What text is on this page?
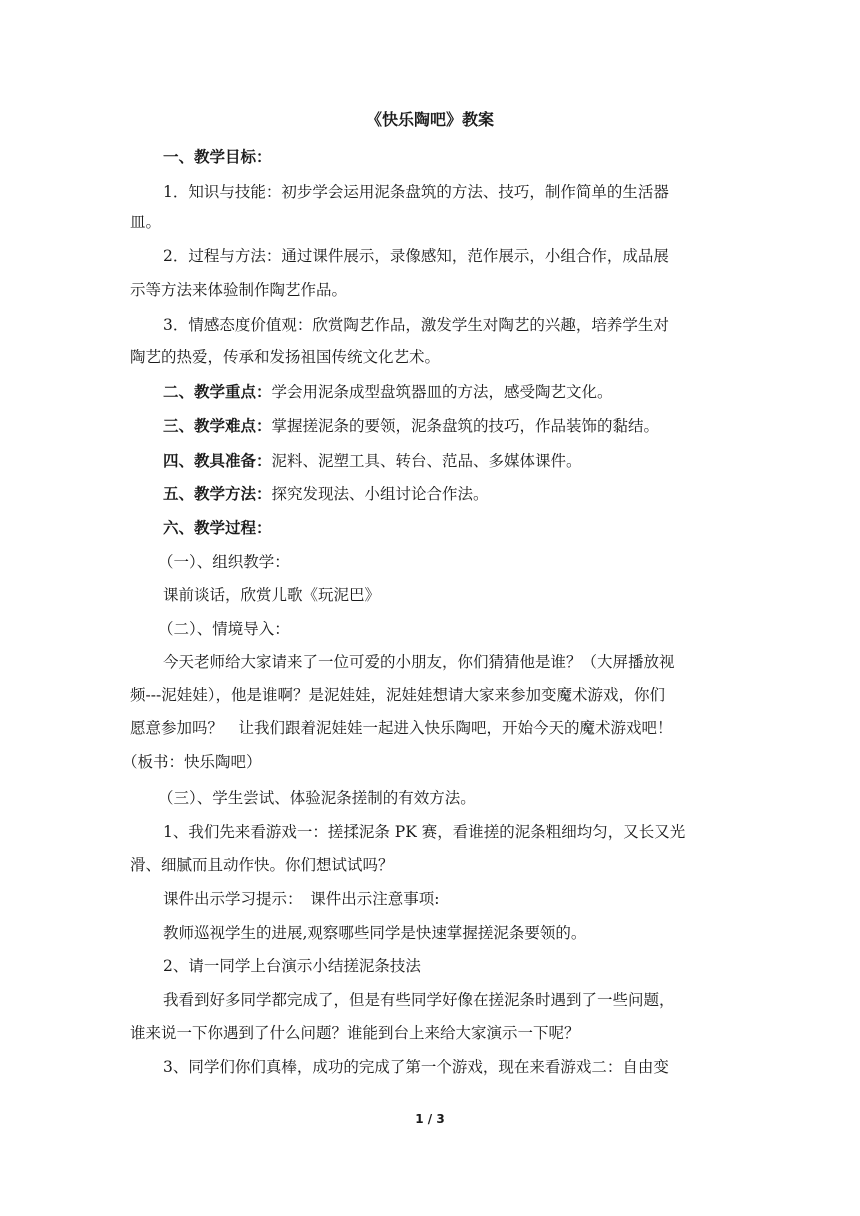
《快乐陶吧》教案
一、教学目标：
1．知识与技能：初步学会运用泥条盘筑的方法、技巧，制作简单的生活器
皿。
2．过程与方法：通过课件展示，录像感知，范作展示，小组合作，成品展
示等方法来体验制作陶艺作品。
3．情感态度价值观：欣赏陶艺作品，激发学生对陶艺的兴趣，培养学生对
陶艺的热爱，传承和发扬祖国传统文化艺术。
二、教学重点：学会用泥条成型盘筑器皿的方法，感受陶艺文化。
三、教学难点：掌握搓泥条的要领，泥条盘筑的技巧，作品装饰的黏结。
四、教具准备：泥料、泥塑工具、转台、范品、多媒体课件。
五、教学方法：探究发现法、小组讨论合作法。
六、教学过程：
（一）、组织教学：
课前谈话，欣赏儿歌《玩泥巴》
（二）、情境导入：
今天老师给大家请来了一位可爱的小朋友，你们猜猜他是谁？（大屏播放视
频---泥娃娃），他是谁啊？是泥娃娃，泥娃娃想请大家来参加变魔术游戏，你们
愿意参加吗？　让我们跟着泥娃娃一起进入快乐陶吧，开始今天的魔术游戏吧！
（板书：快乐陶吧）
（三）、学生尝试、体验泥条搓制的有效方法。
1、我们先来看游戏一：搓揉泥条 PK 赛，看谁搓的泥条粗细均匀，又长又光
滑、细腻而且动作快。你们想试试吗？
课件出示学习提示：　课件出示注意事项:
教师巡视学生的进展,观察哪些同学是快速掌握搓泥条要领的。
2、请一同学上台演示小结搓泥条技法
我看到好多同学都完成了，但是有些同学好像在搓泥条时遇到了一些问题，
谁来说一下你遇到了什么问题？谁能到台上来给大家演示一下呢？
3、同学们你们真棒，成功的完成了第一个游戏，现在来看游戏二：自由变
1 / 3
